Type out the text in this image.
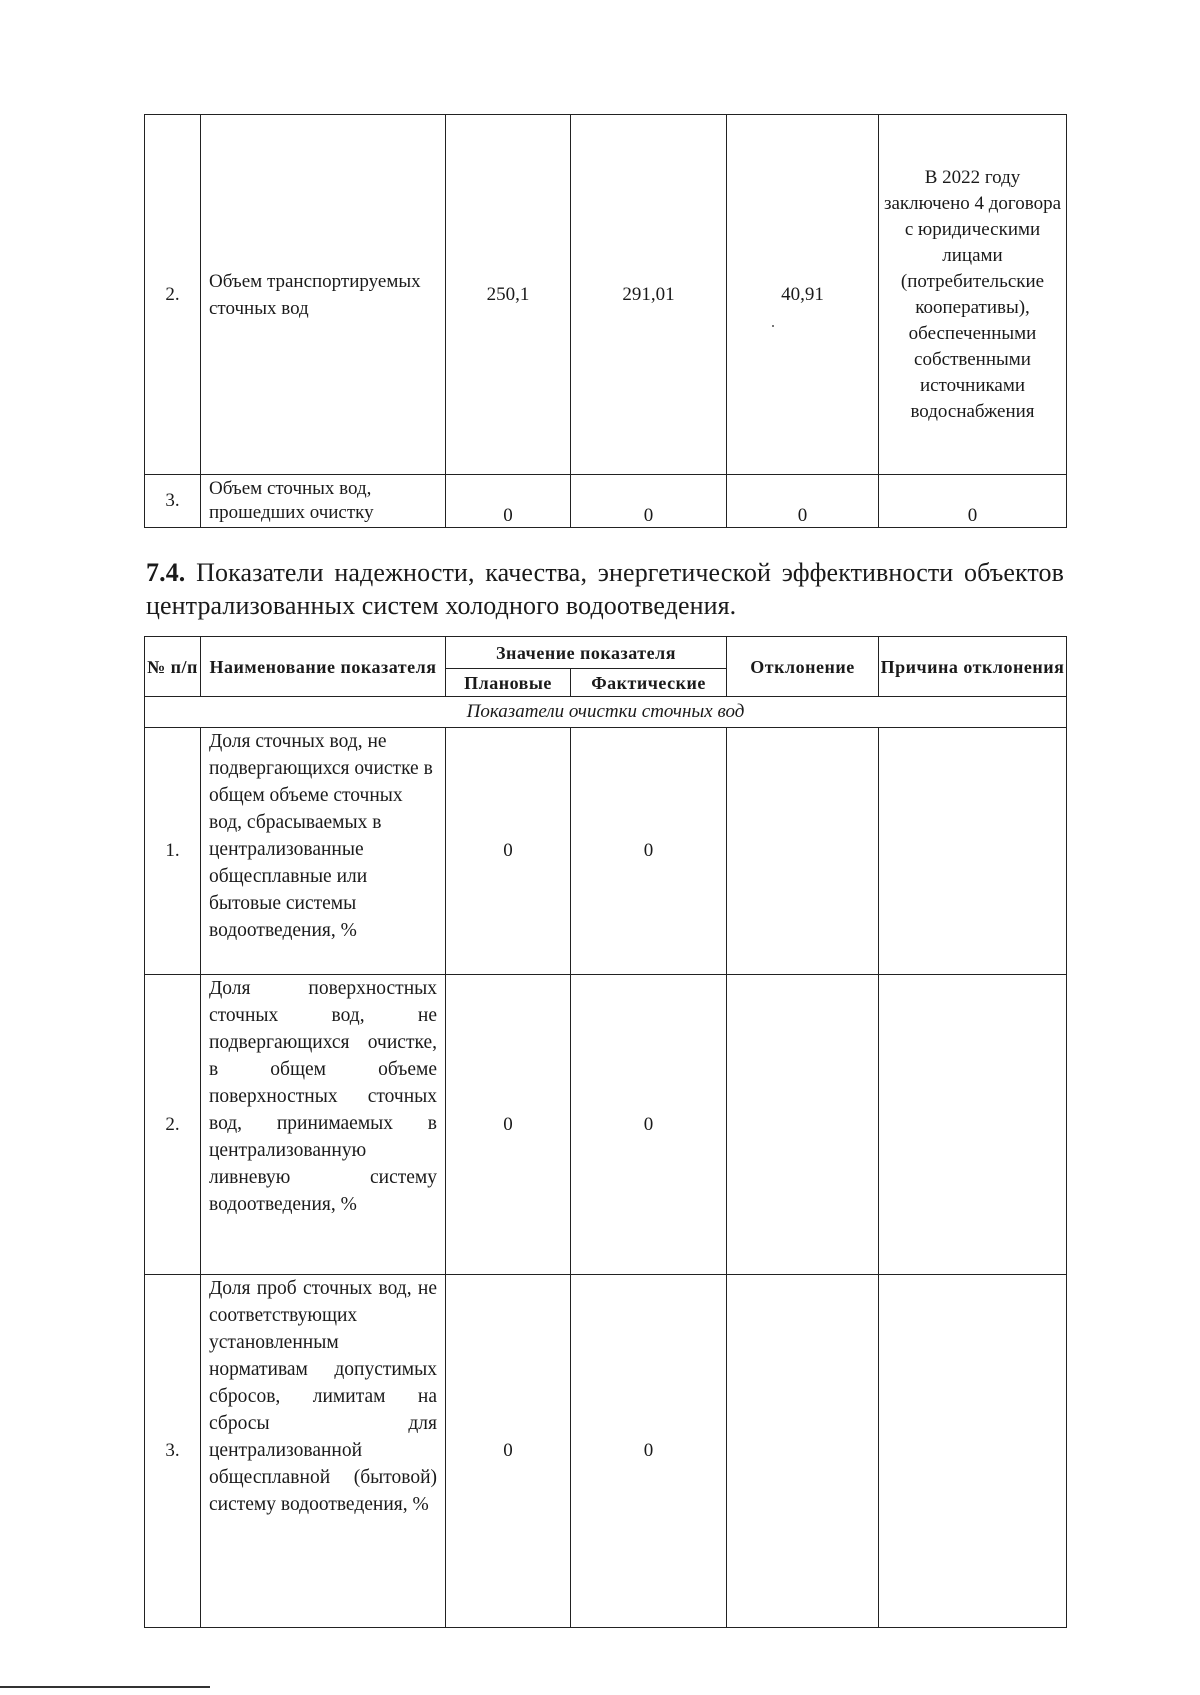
2.	Объем транспортируемых сточных вод	250,1	291,01	40,91	В 2022 году заключено 4 договора с юридическими лицами (потребительские кооперативы), обеспеченными собственными источниками водоснабжения
3.	Объем сточных вод, прошедших очистку	0	0	0	0
7.4. Показатели надежности, качества, энергетической эффективности объектов централизованных систем холодного водоотведения.
№ п/п	Наименование показателя	Значение показателя		Отклонение	Причина отклонения
		Плановые	Фактические		
Показатели очистки сточных вод					
1.	Доля сточных вод, не подвергающихся очистке в общем объеме сточных вод, сбрасываемых в централизованные общесплавные или бытовые системы водоотведения, %	0	0		
2.	Доля поверхностных сточных вод, не подвергающихся очистке, в общем объеме поверхностных сточных вод, принимаемых в централизованную ливневую систему водоотведения, %	0	0		
3.	Доля проб сточных вод, не соответствующих установленным нормативам допустимых сбросов, лимитам на сбросы для централизованной общесплавной (бытовой) систему водоотведения, %	0	0		
